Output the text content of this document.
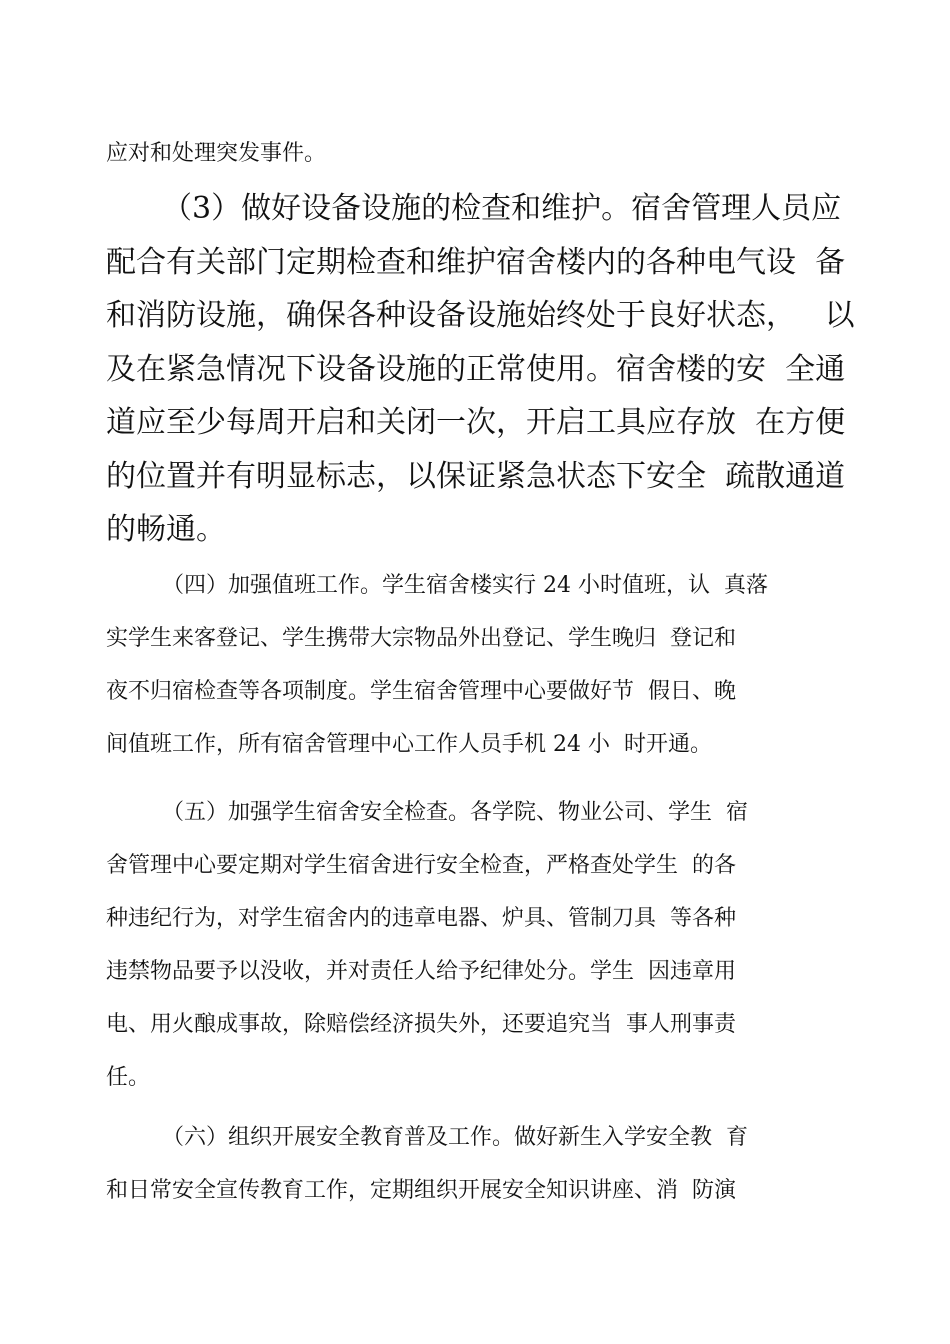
应对和处理突发事件。
（3）做好设备设施的检查和维护。宿舍管理人员应
配合有关部门定期检查和维护宿舍楼内的各种电气设  备
和消防设施，确保各种设备设施始终处于良好状态，   以
及在紧急情况下设备设施的正常使用。宿舍楼的安  全通
道应至少每周开启和关闭一次，开启工具应存放  在方便
的位置并有明显标志，以保证紧急状态下安全  疏散通道
的畅通。
（四）加强值班工作。学生宿舍楼实行 24 小时值班，认  真落
实学生来客登记、学生携带大宗物品外出登记、学生晚归  登记和
夜不归宿检查等各项制度。学生宿舍管理中心要做好节  假日、晚
间值班工作，所有宿舍管理中心工作人员手机 24 小  时开通。
（五）加强学生宿舍安全检查。各学院、物业公司、学生  宿
舍管理中心要定期对学生宿舍进行安全检查，严格查处学生  的各
种违纪行为，对学生宿舍内的违章电器、炉具、管制刀具  等各种
违禁物品要予以没收，并对责任人给予纪律处分。学生  因违章用
电、用火酿成事故，除赔偿经济损失外，还要追究当  事人刑事责
任。
（六）组织开展安全教育普及工作。做好新生入学安全教  育
和日常安全宣传教育工作，定期组织开展安全知识讲座、消  防演
